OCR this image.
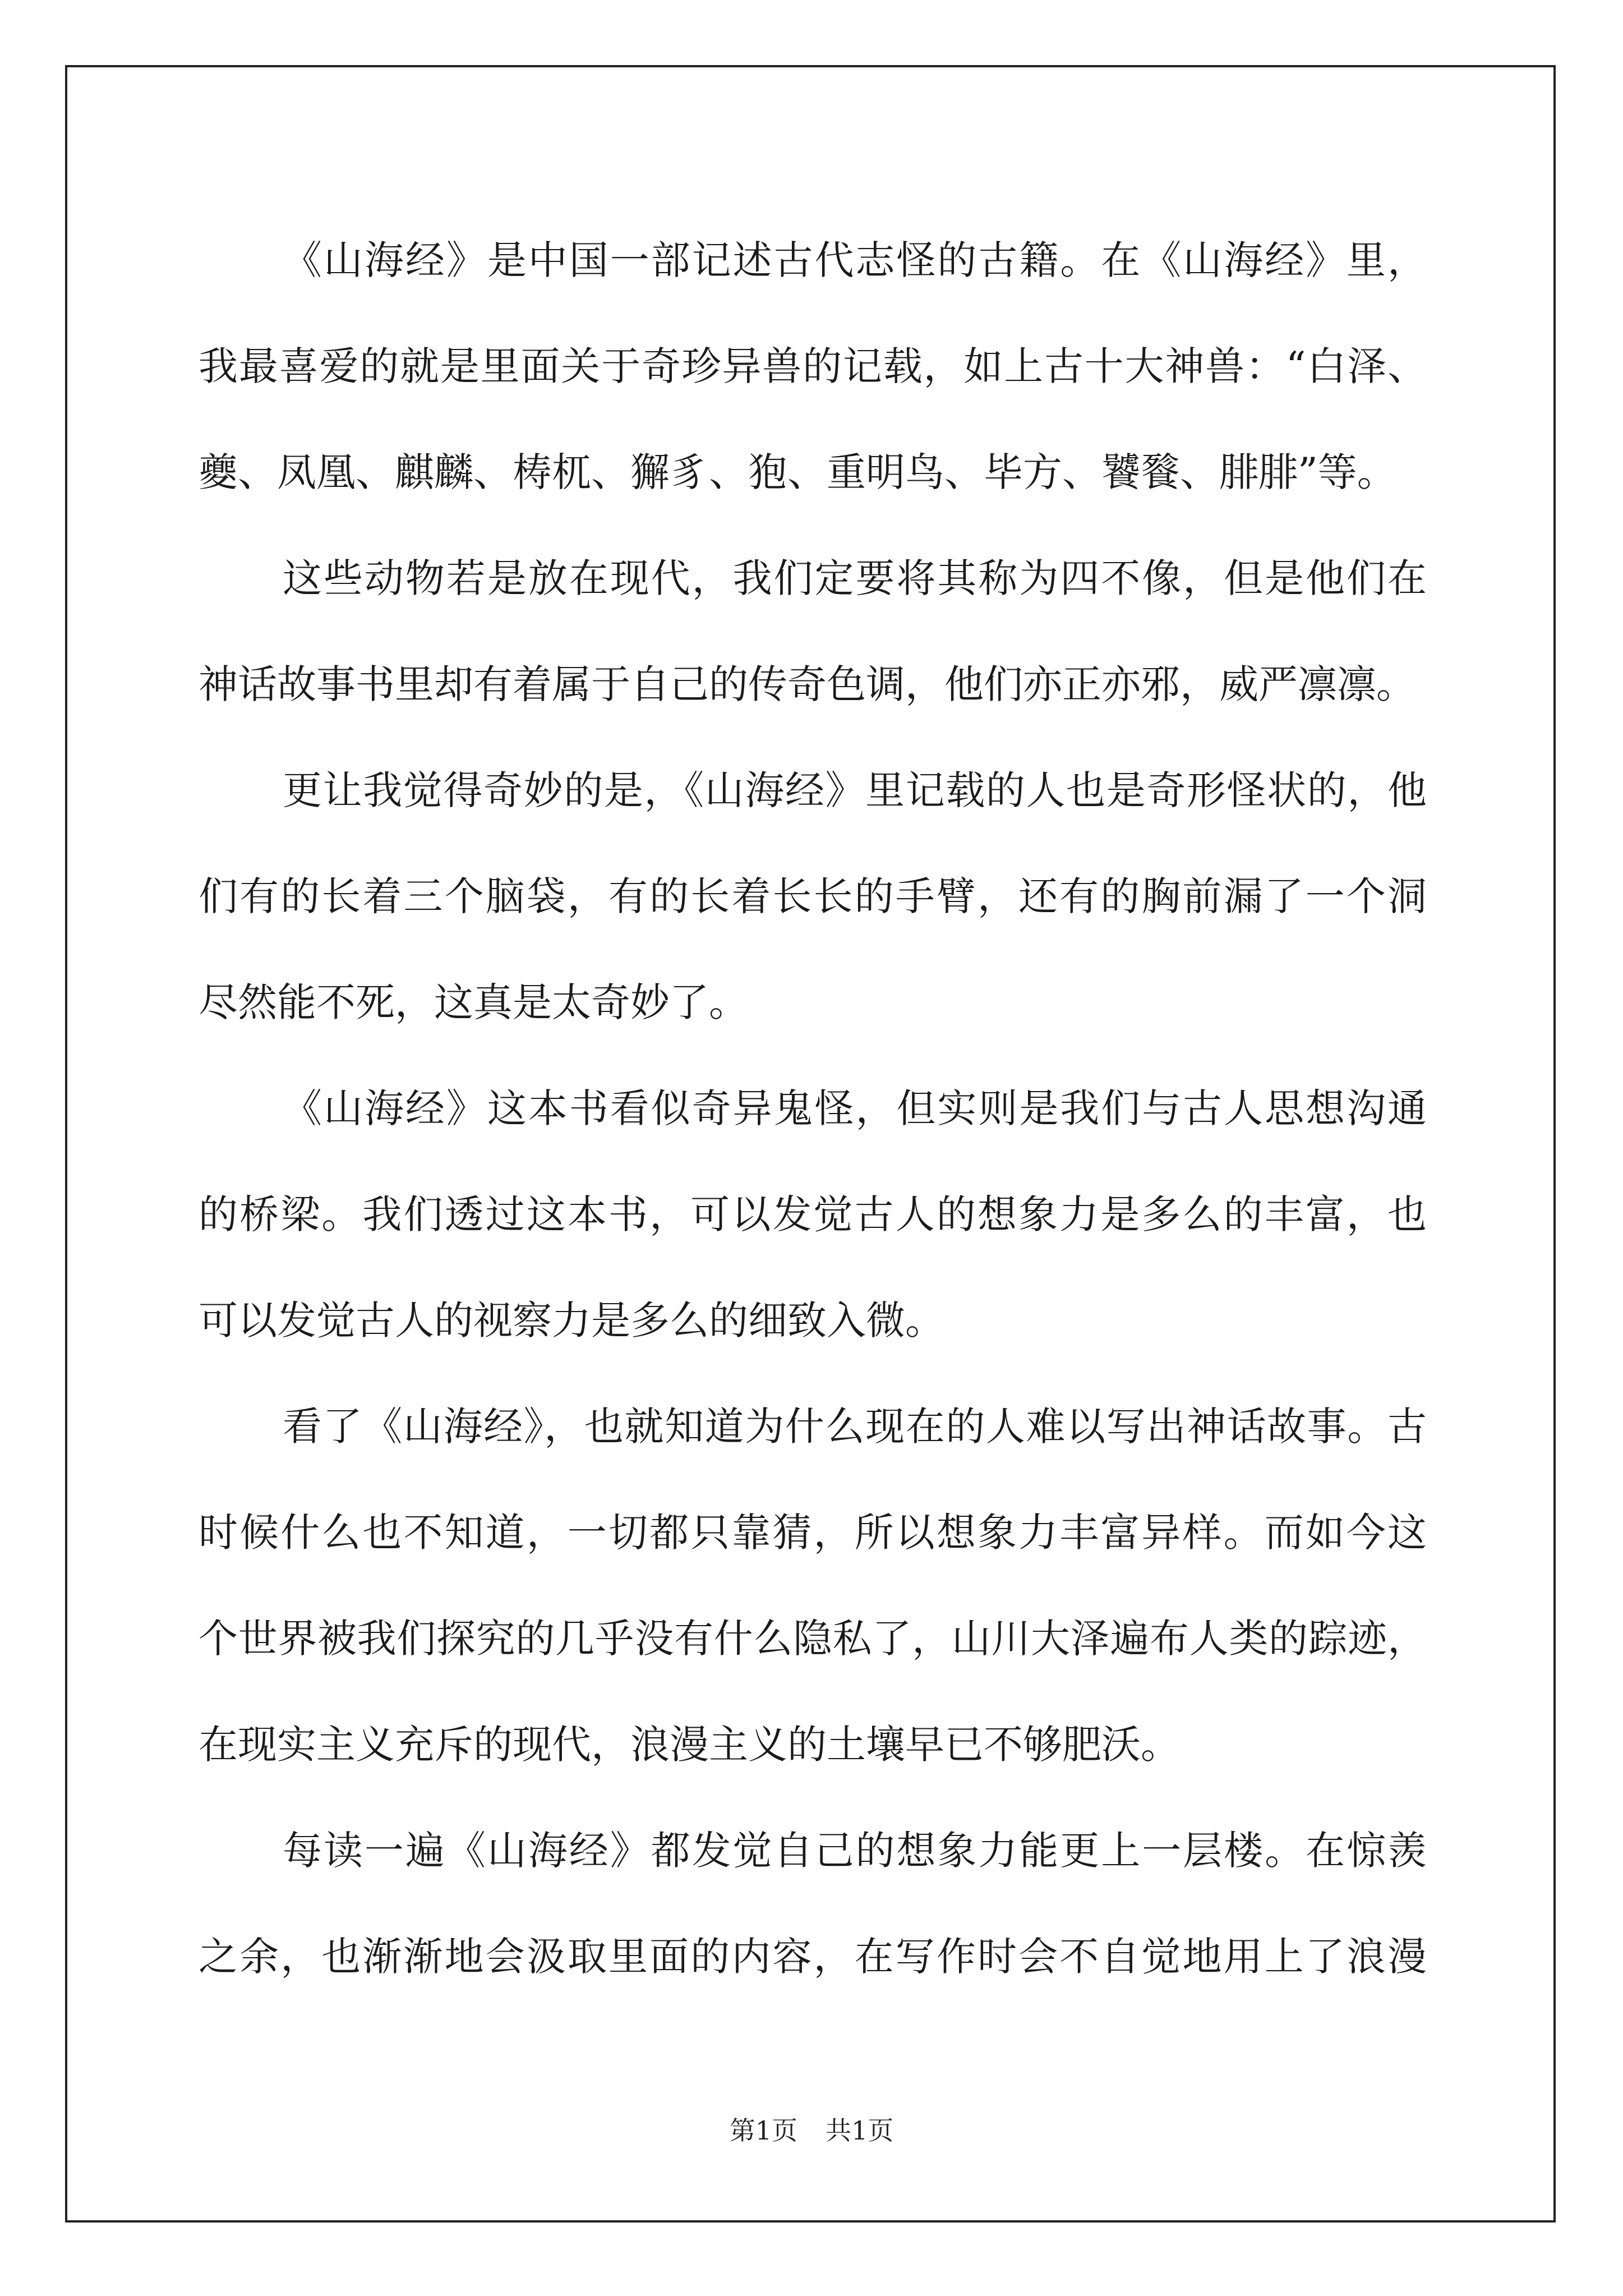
《山海经》是中国一部记述古代志怪的古籍。在《山海经》里，
我最喜爱的就是里面关于奇珍异兽的记载，如上古十大神兽：“白泽、
夔、凤凰、麒麟、梼杌、獬豸、狍、重明鸟、毕方、饕餮、腓腓”等。
这些动物若是放在现代，我们定要将其称为四不像，但是他们在
神话故事书里却有着属于自己的传奇色调，他们亦正亦邪，威严凛凛。
更让我觉得奇妙的是，《山海经》里记载的人也是奇形怪状的，他
们有的长着三个脑袋，有的长着长长的手臂，还有的胸前漏了一个洞
尽然能不死，这真是太奇妙了。
《山海经》这本书看似奇异鬼怪，但实则是我们与古人思想沟通
的桥梁。我们透过这本书，可以发觉古人的想象力是多么的丰富，也
可以发觉古人的视察力是多么的细致入微。
看了《山海经》，也就知道为什么现在的人难以写出神话故事。古
时候什么也不知道，一切都只靠猜，所以想象力丰富异样。而如今这
个世界被我们探究的几乎没有什么隐私了，山川大泽遍布人类的踪迹，
在现实主义充斥的现代，浪漫主义的土壤早已不够肥沃。
每读一遍《山海经》都发觉自己的想象力能更上一层楼。在惊羡
之余，也渐渐地会汲取里面的内容，在写作时会不自觉地用上了浪漫
第1页 共1页
